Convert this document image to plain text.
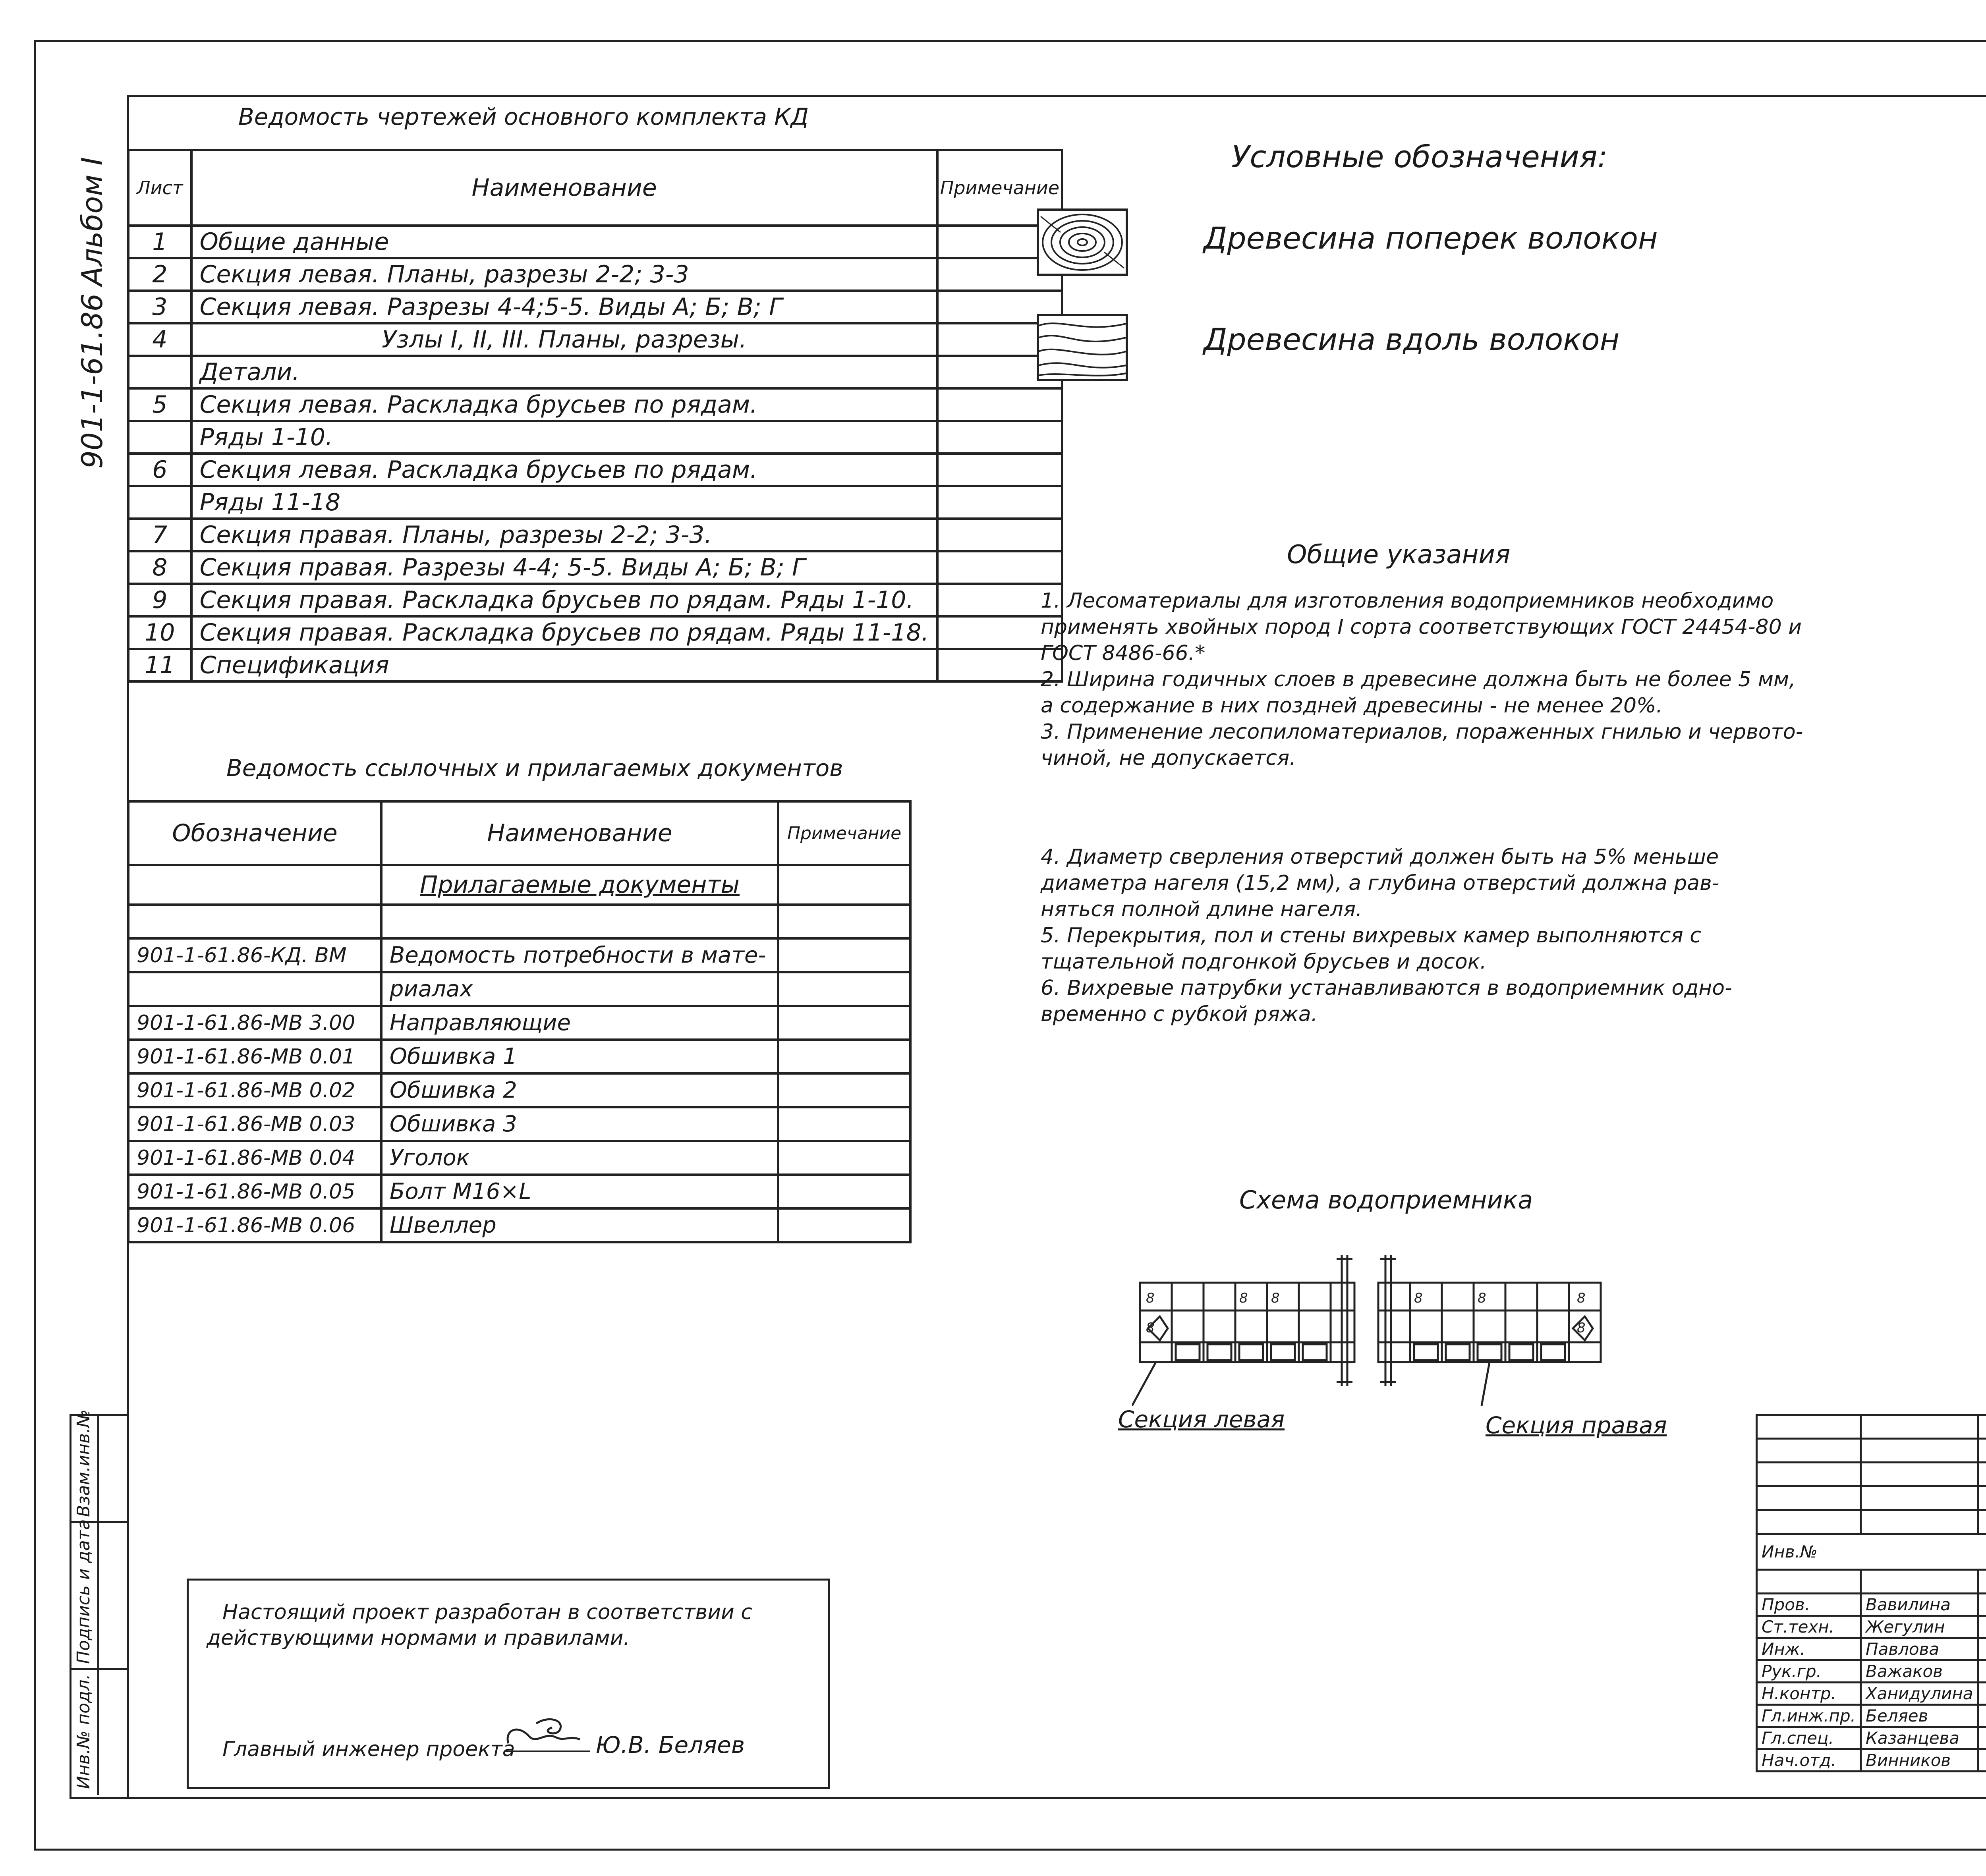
Альбом I
901-1-61.86
Взам.инв.№
Подпись и дата
Инв.№ подл.
Ведомость чертежей основного комплекта КД
Лист	Наименование	Примечание
1	Общие данные	
2	Секция левая. Планы, разрезы 2-2; 3-3	
3	Секция левая. Разрезы 4-4;5-5. Виды А; Б; В; Г	
4	Узлы I, II, III. Планы, разрезы.	
	Детали.	
5	Секция левая. Раскладка брусьев по рядам.	
	Ряды 1-10.	
6	Секция левая. Раскладка брусьев по рядам.	
	Ряды 11-18	
7	Секция правая. Планы, разрезы 2-2; 3-3.	
8	Секция правая. Разрезы 4-4; 5-5. Виды А; Б; В; Г	
9	Секция правая. Раскладка брусьев по рядам. Ряды 1-10.	
10	Секция правая. Раскладка брусьев по рядам. Ряды 11-18.	
11	Спецификация	
Ведомость ссылочных и прилагаемых документов
Обозначение	Наименование	Примечание
	Прилагаемые документы	

901-1-61.86-КД. ВМ	Ведомость потребности в мате-	
	риалах	
901-1-61.86-МВ 3.00	Направляющие	
901-1-61.86-МВ 0.01	Обшивка 1	
901-1-61.86-МВ 0.02	Обшивка 2	
901-1-61.86-МВ 0.03	Обшивка 3	
901-1-61.86-МВ 0.04	Уголок	
901-1-61.86-МВ 0.05	Болт М16×L	
901-1-61.86-МВ 0.06	Швеллер	
Условные обозначения:
Древесина поперек волокон
Древесина вдоль волокон
Общие указания
1. Лесоматериалы для изготовления водоприемников необходимо
применять хвойных пород I сорта соответствующих ГОСТ 24454-80 и
ГОСТ 8486-66.*
2. Ширина годичных слоев в древесине должна быть не более 5 мм,
а содержание в них поздней древесины - не менее 20%.
3. Применение лесопиломатериалов, пораженных гнилью и червото-
чиной, не допускается.
4. Диаметр сверления отверстий должен быть на 5% меньше
диаметра нагеля (15,2 мм), а глубина отверстий должна рав-
няться полной длине нагеля.
5. Перекрытия, пол и стены вихревых камер выполняются с
тщательной подгонкой брусьев и досок.
6. Вихревые патрубки устанавливаются в водоприемник одно-
временно с рубкой ряжа.
Схема водоприемника
8	8 8
8
8	8	8
8
Секция левая	Секция правая
Настоящий проект разработан в соответствии с
действующими нормами и правилами.
Главный инженер проекта	Ю.В. Беляев

Инв.№			

Пров.	Вавилина		
Ст.техн.	Жегулин		
Инж.	Павлова		
Рук.гр.	Важаков		
Н.контр.	Ханидулина		
Гл.инж.пр.	Беляев		
Гл.спец.	Казанцева		
Нач.отд.	Винников		
